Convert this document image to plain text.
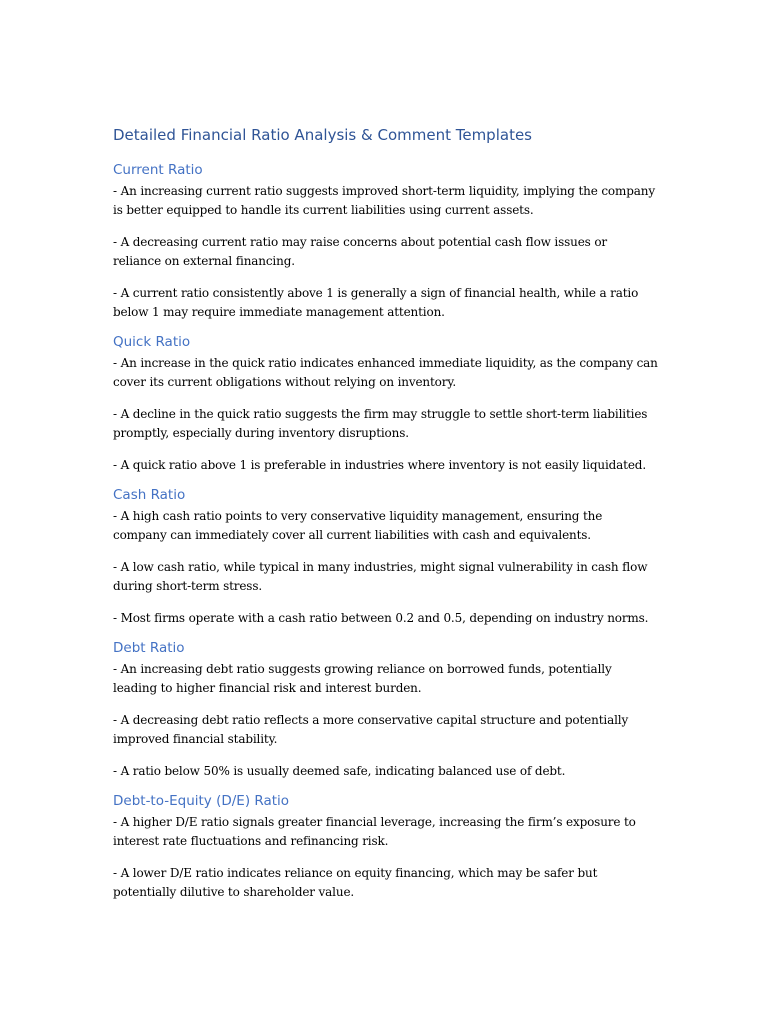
Detailed Financial Ratio Analysis & Comment Templates
Current Ratio

- An increasing current ratio suggests improved short-term liquidity, implying the company is better equipped to handle its current liabilities using current assets.

- A decreasing current ratio may raise concerns about potential cash flow issues or reliance on external financing.

- A current ratio consistently above 1 is generally a sign of financial health, while a ratio below 1 may require immediate management attention.

Quick Ratio

- An increase in the quick ratio indicates enhanced immediate liquidity, as the company can cover its current obligations without relying on inventory.

- A decline in the quick ratio suggests the firm may struggle to settle short-term liabilities promptly, especially during inventory disruptions.

- A quick ratio above 1 is preferable in industries where inventory is not easily liquidated.

Cash Ratio

- A high cash ratio points to very conservative liquidity management, ensuring the company can immediately cover all current liabilities with cash and equivalents.

- A low cash ratio, while typical in many industries, might signal vulnerability in cash flow during short-term stress.

- Most firms operate with a cash ratio between 0.2 and 0.5, depending on industry norms.

Debt Ratio

- An increasing debt ratio suggests growing reliance on borrowed funds, potentially leading to higher financial risk and interest burden.

- A decreasing debt ratio reflects a more conservative capital structure and potentially improved financial stability.

- A ratio below 50% is usually deemed safe, indicating balanced use of debt.

Debt-to-Equity (D/E) Ratio

- A higher D/E ratio signals greater financial leverage, increasing the firm’s exposure to interest rate fluctuations and refinancing risk.

- A lower D/E ratio indicates reliance on equity financing, which may be safer but potentially dilutive to shareholder value.
